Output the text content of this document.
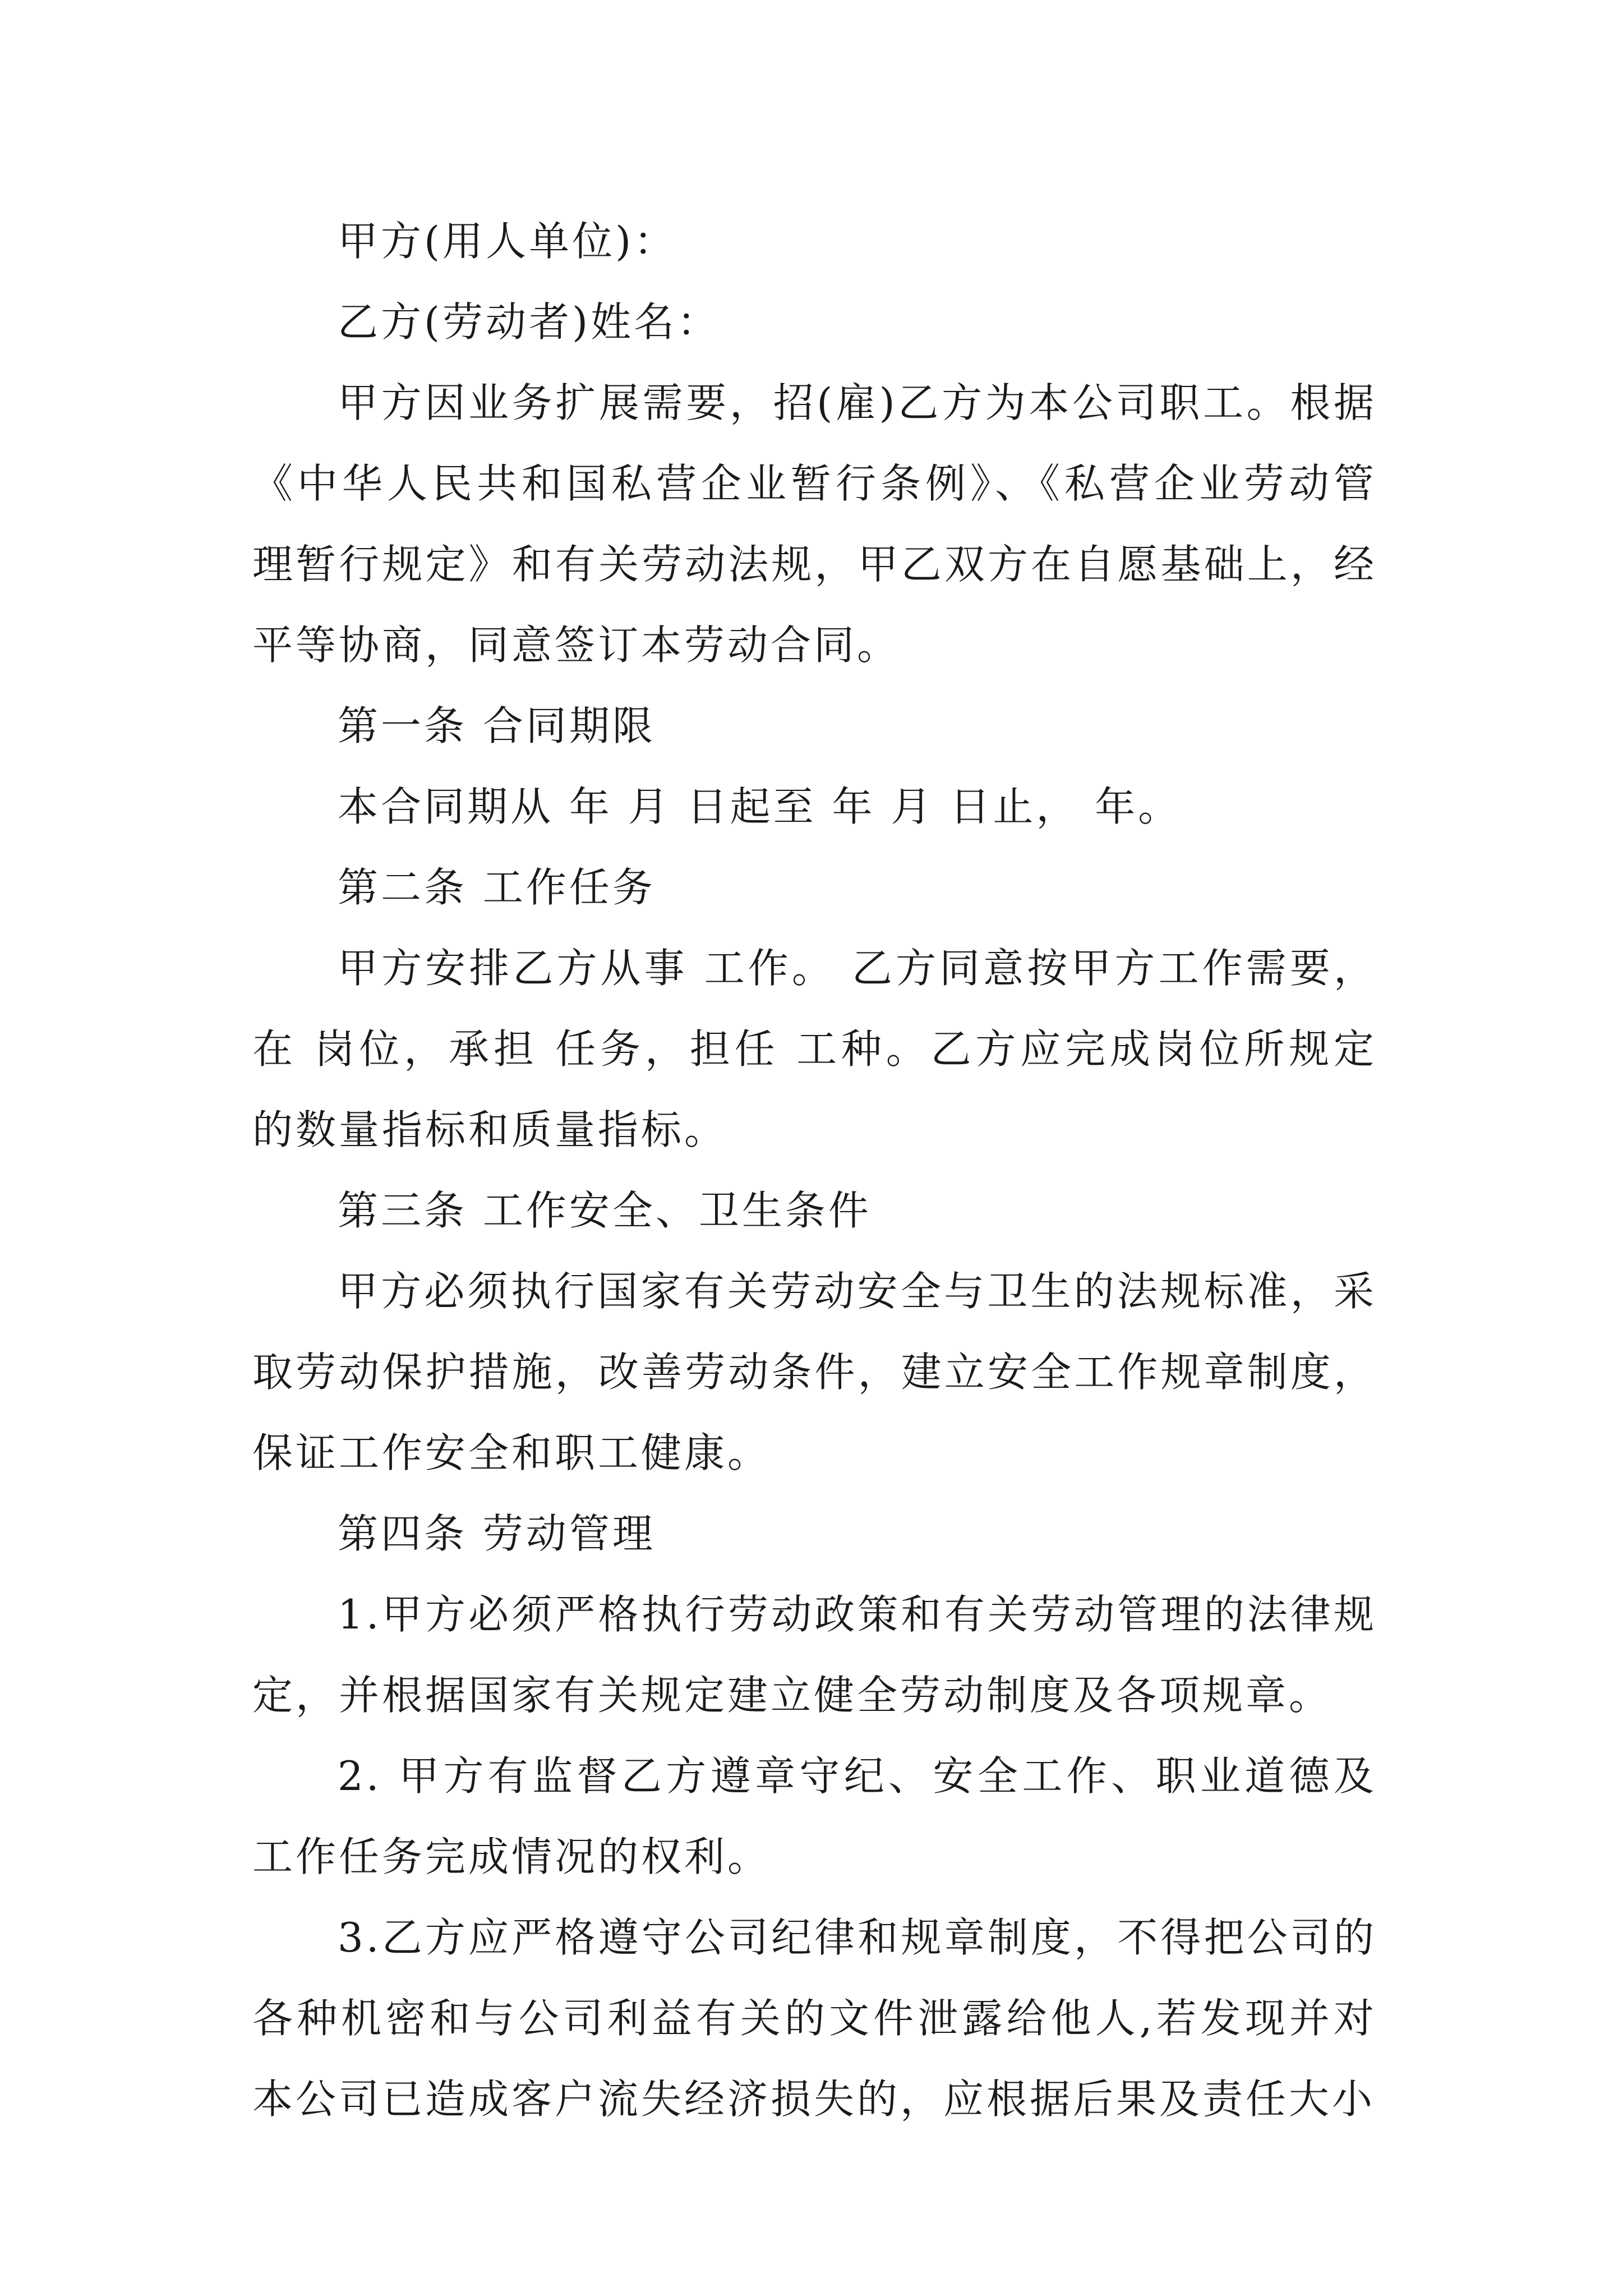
甲方(用人单位)：

乙方(劳动者)姓名：

甲方因业务扩展需要，招(雇)乙方为本公司职工。根据《中华人民共和国私营企业暂行条例》、《私营企业劳动管理暂行规定》和有关劳动法规，甲乙双方在自愿基础上，经平等协商，同意签订本劳动合同。

第一条 合同期限

本合同期从 年 月 日起至 年 月 日止， 年。

第二条 工作任务

甲方安排乙方从事 工作。 乙方同意按甲方工作需要，在 岗位，承担 任务，担任 工种。乙方应完成岗位所规定的数量指标和质量指标。

第三条 工作安全、卫生条件

甲方必须执行国家有关劳动安全与卫生的法规标准，采取劳动保护措施，改善劳动条件，建立安全工作规章制度，保证工作安全和职工健康。

第四条 劳动管理

1.甲方必须严格执行劳动政策和有关劳动管理的法律规定，并根据国家有关规定建立健全劳动制度及各项规章。

2. 甲方有监督乙方遵章守纪、安全工作、职业道德及工作任务完成情况的权利。

3.乙方应严格遵守公司纪律和规章制度，不得把公司的各种机密和与公司利益有关的文件泄露给他人,若发现并对本公司已造成客户流失经济损失的，应根据后果及责任大小
